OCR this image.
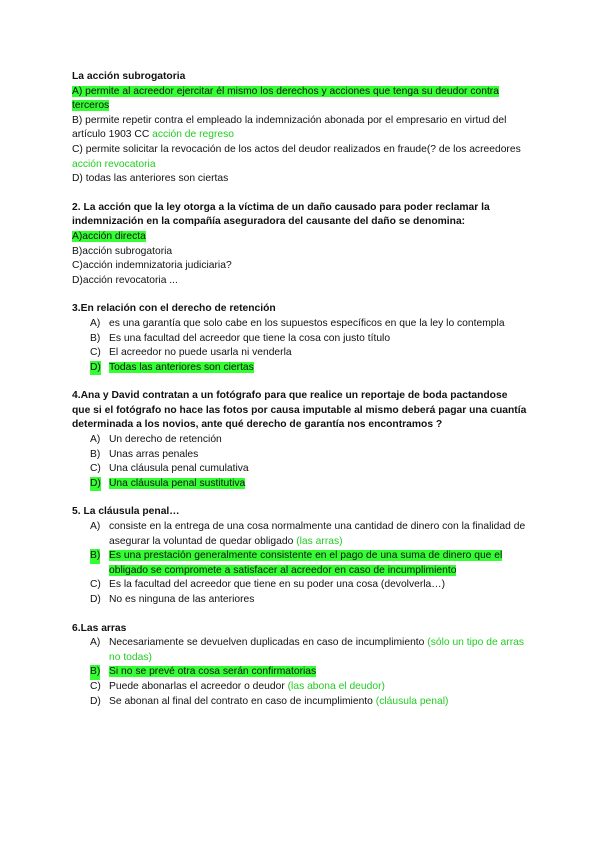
La acción subrogatoria
A) permite al acreedor ejercitar él mismo los derechos y acciones que tenga su deudor contra terceros
B) permite repetir contra el empleado la indemnización abonada por el empresario en virtud del artículo 1903 CC acción de regreso
C) permite solicitar la revocación de los actos del deudor realizados en fraude(? de los acreedores acción revocatoria
D) todas las anteriores son ciertas
2. La acción que la ley otorga a la víctima de un daño causado para poder reclamar la indemnización en la compañía aseguradora del causante del daño se denomina:
A)acción directa
B)acción subrogatoria
C)acción indemnizatoria judiciaria?
D)acción revocatoria ...
3.En relación con el derecho de retención
A) es una garantía que solo cabe en los supuestos específicos en que la ley lo contempla
B) Es una facultad del acreedor que tiene la cosa con justo título
C) El acreedor no puede usarla ni venderla
D) Todas las anteriores son ciertas
4.Ana y David contratan a un fotógrafo para que realice un reportaje de boda pactandose que si el fotógrafo no hace las fotos por causa imputable al mismo deberá pagar una cuantía determinada a los novios, ante qué derecho de garantía nos encontramos ?
A) Un derecho de retención
B) Unas arras penales
C) Una cláusula penal cumulativa
D) Una cláusula penal sustitutiva
5. La cláusula penal…
A) consiste en la entrega de una cosa normalmente una cantidad de dinero con la finalidad de asegurar la voluntad de quedar obligado (las arras)
B) Es una prestación generalmente consistente en el pago de una suma de dinero que el obligado se compromete a satisfacer al acreedor en caso de incumplimiento
C) Es la facultad del acreedor que tiene en su poder una cosa (devolverla…)
D) No es ninguna de las anteriores
6.Las arras
A) Necesariamente se devuelven duplicadas en caso de incumplimiento (sólo un tipo de arras no todas)
B) Si no se prevé otra cosa serán confirmatorias
C) Puede abonarlas el acreedor o deudor (las abona el deudor)
D) Se abonan al final del contrato en caso de incumplimiento (cláusula penal)
